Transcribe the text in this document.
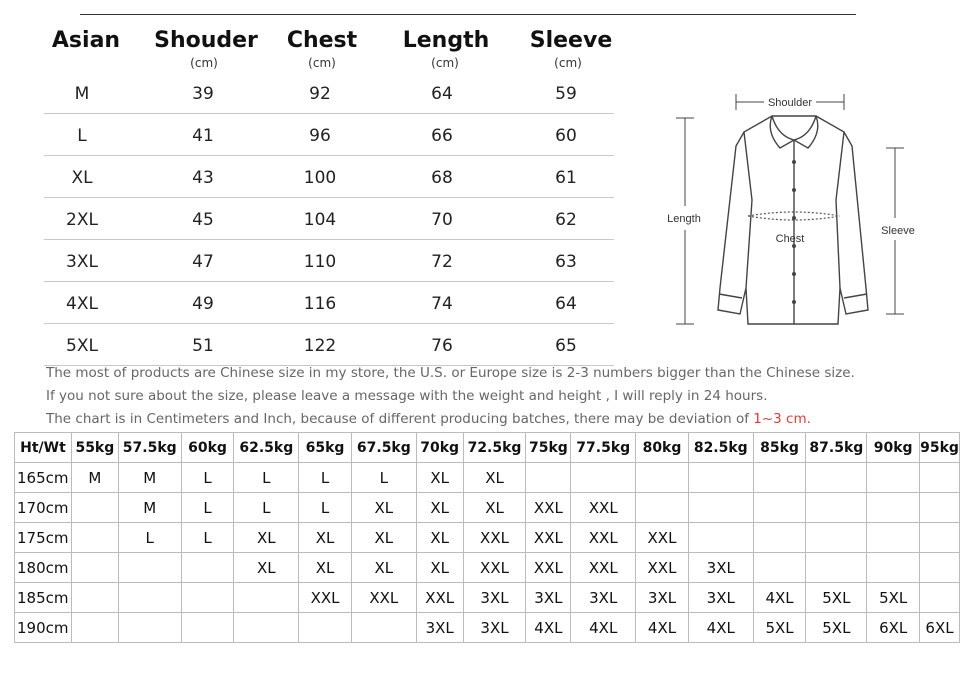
Asian	Shouder	Chest	Length	Sleeve
(cm)	(cm)	(cm)	(cm)
M	39	92	64	59
L	41	96	66	60
XL	43	100	68	61
2XL	45	104	70	62
3XL	47	110	72	63
4XL	49	116	74	64
5XL	51	122	76	65
Shoulder
Length
Chest
Sleeve
The most of products are Chinese size in my store, the U.S. or Europe size is 2-3 numbers bigger than the Chinese size.
If you not sure about the size, please leave a message with the weight and height , I will reply in 24 hours.
The chart is in Centimeters and Inch, because of different producing batches, there may be deviation of 1~3 cm.
Ht/Wt	55kg	57.5kg	60kg	62.5kg	65kg	67.5kg	70kg	72.5kg	75kg	77.5kg	80kg	82.5kg	85kg	87.5kg	90kg	95kg
165cm	M	M	L	L	L	L	XL	XL								
170cm		M	L	L	L	XL	XL	XL	XXL	XXL						
175cm		L	L	XL	XL	XL	XL	XXL	XXL	XXL	XXL					
180cm				XL	XL	XL	XL	XXL	XXL	XXL	XXL	3XL				
185cm					XXL	XXL	XXL	3XL	3XL	3XL	3XL	3XL	4XL	5XL	5XL	
190cm							3XL	3XL	4XL	4XL	4XL	4XL	5XL	5XL	6XL	6XL
